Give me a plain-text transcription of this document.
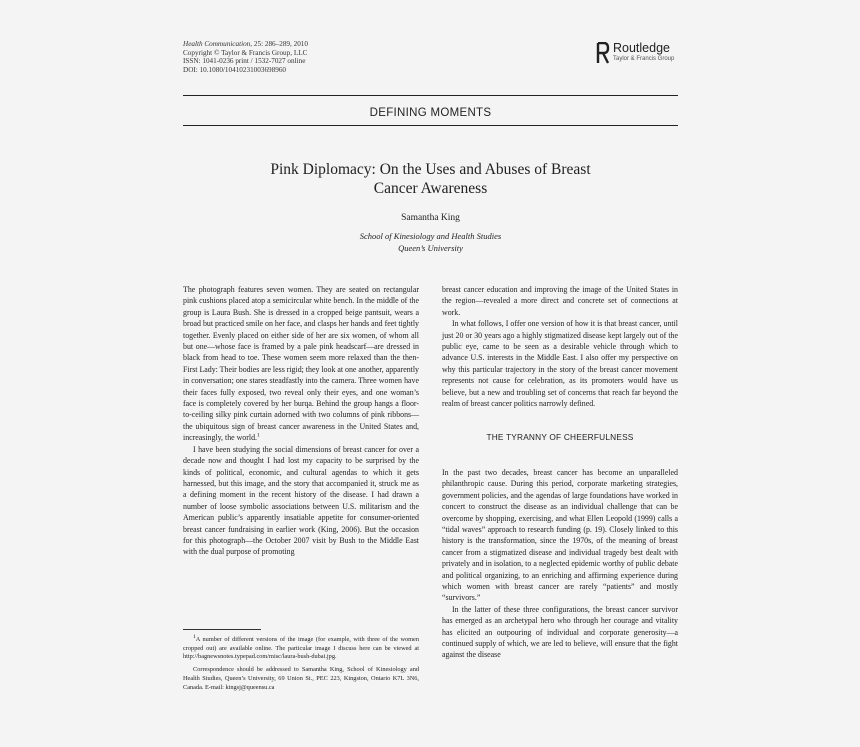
Health Communication, 25: 286–289, 2010
Copyright © Taylor & Francis Group, LLC
ISSN: 1041-0236 print / 1532-7027 online
DOI: 10.1080/10410231003698960
Routledge
Taylor & Francis Group
DEFINING MOMENTS
Pink Diplomacy: On the Uses and Abuses of Breast
Cancer Awareness
Samantha King
School of Kinesiology and Health Studies
Queen’s University

The photograph features seven women. They are seated on rectangular pink cushions placed atop a semicircular white bench. In the middle of the group is Laura Bush. She is dressed in a cropped beige pantsuit, wears a broad but practiced smile on her face, and clasps her hands and feet tightly together. Evenly placed on either side of her are six women, of whom all but one—whose face is framed by a pale pink headscarf—are dressed in black from head to toe. These women seem more relaxed than the then-First Lady: Their bodies are less rigid; they look at one another, apparently in conversation; one stares steadfastly into the camera. Three women have their faces fully exposed, two reveal only their eyes, and one woman’s face is completely covered by her burqa. Behind the group hangs a floor-to-ceiling silky pink curtain adorned with two columns of pink ribbons—the ubiquitous sign of breast cancer awareness in the United States and, increasingly, the world.$^1$

I have been studying the social dimensions of breast cancer for over a decade now and thought I had lost my capacity to be surprised by the kinds of political, economic, and cultural agendas to which it gets harnessed, but this image, and the story that accompanied it, struck me as a defining moment in the recent history of the disease. I had drawn a number of loose symbolic associations between U.S. militarism and the American public’s apparently insatiable appetite for consumer-oriented breast cancer fundraising in earlier work (King, 2006). But the occasion for this photograph—the October 2007 visit by Bush to the Middle East with the dual purpose of promoting

1A number of different versions of the image (for example, with three of the women cropped out) are available online. The particular image I discuss here can be viewed at http://bagnewsnotes.typepad.com/misc/laura-bush-dubai.jpg.

Correspondence should be addressed to Samantha King, School of Kinesiology and Health Studies, Queen’s University, 69 Union St., PEC 223, Kingston, Ontario K7L 3N6, Canada. E-mail: kingsj@queensu.ca

breast cancer education and improving the image of the United States in the region—revealed a more direct and concrete set of connections at work.

In what follows, I offer one version of how it is that breast cancer, until just 20 or 30 years ago a highly stigmatized disease kept largely out of the public eye, came to be seen as a desirable vehicle through which to advance U.S. interests in the Middle East. I also offer my perspective on why this particular trajectory in the story of the breast cancer movement represents not cause for celebration, as its promoters would have us believe, but a new and troubling set of concerns that reach far beyond the realm of breast cancer politics narrowly defined.

THE TYRANNY OF CHEERFULNESS

In the past two decades, breast cancer has become an unparalleled philanthropic cause. During this period, corporate marketing strategies, government policies, and the agendas of large foundations have worked in concert to construct the disease as an individual challenge that can be overcome by shopping, exercising, and what Ellen Leopold (1999) calls a “tidal waves” approach to research funding (p. 19). Closely linked to this history is the transformation, since the 1970s, of the meaning of breast cancer from a stigmatized disease and individual tragedy best dealt with privately and in isolation, to a neglected epidemic worthy of public debate and political organizing, to an enriching and affirming experience during which women with breast cancer are rarely “patients” and mostly “survivors.”

In the latter of these three configurations, the breast cancer survivor has emerged as an archetypal hero who through her courage and vitality has elicited an outpouring of individual and corporate generosity—a continued supply of which, we are led to believe, will ensure that the fight against the disease
